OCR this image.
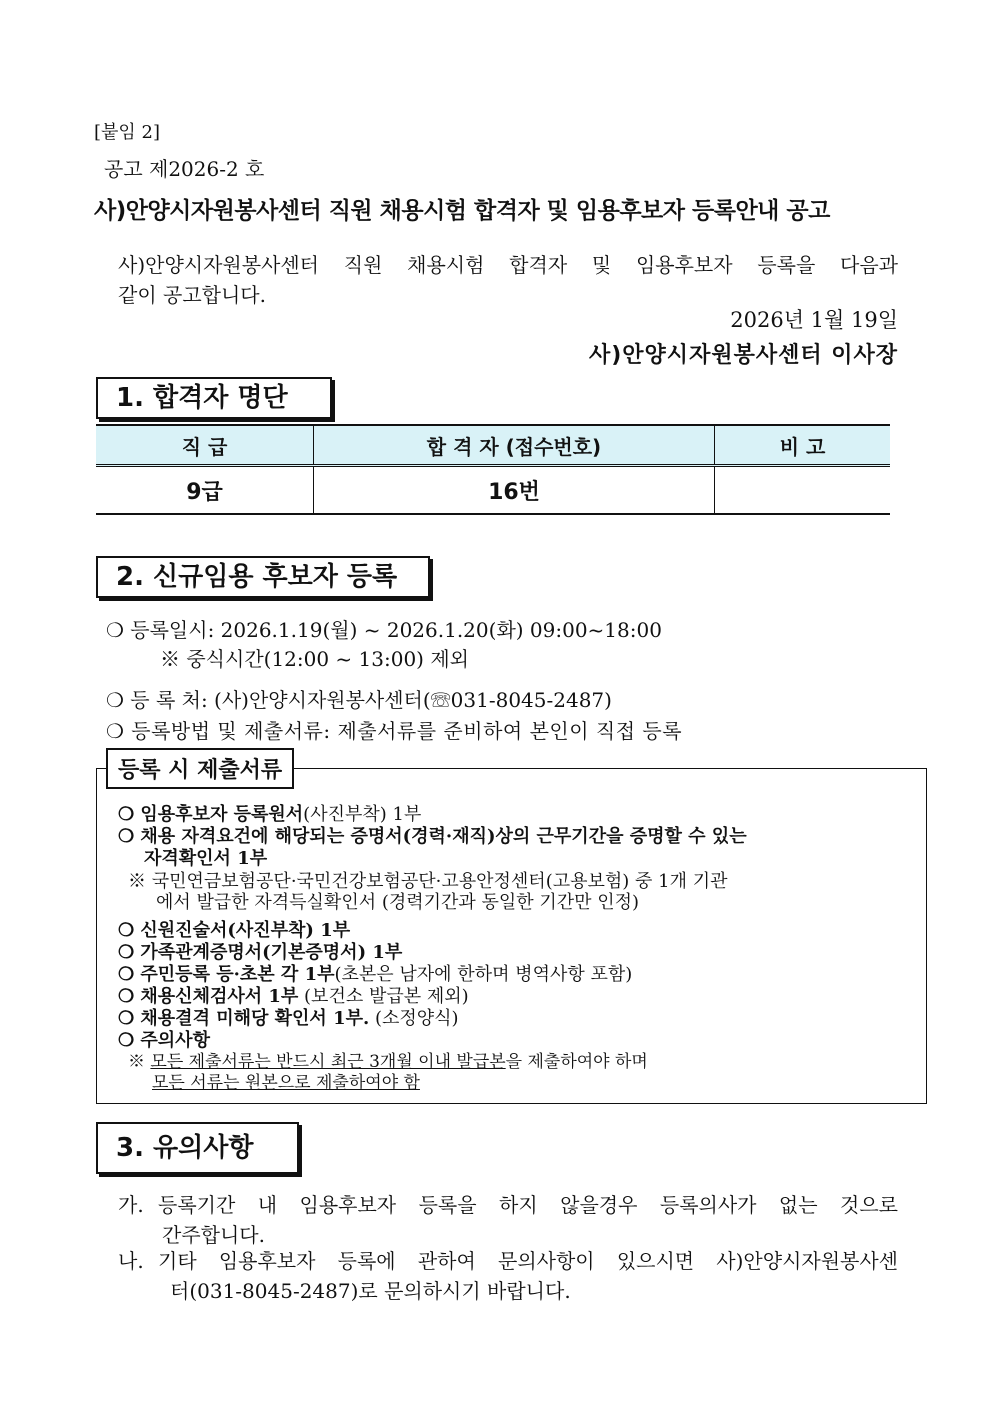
[붙임 2]
공고 제2026-2 호
사)안양시자원봉사센터 직원 채용시험 합격자 및 임용후보자 등록안내 공고
사)안양시자원봉사센터 직원 채용시험 합격자 및 임용후보자 등록을 다음과
같이 공고합니다.
2026년 1월 19일
사)안양시자원봉사센터 이사장
1. 합격자 명단
직 급	합 격 자 (접수번호)	비 고
9급	16번	
2. 신규임용 후보자 등록
❍ 등록일시: 2026.1.19(월) ~ 2026.1.20(화) 09:00~18:00
※ 중식시간(12:00 ~ 13:00) 제외
❍ 등 록 처: (사)안양시자원봉사센터(☏031-8045-2487)
❍ 등록방법 및 제출서류: 제출서류를 준비하여 본인이 직접 등록
등록 시 제출서류
❍ 임용후보자 등록원서(사진부착) 1부
❍ 채용 자격요건에 해당되는 증명서(경력·재직)상의 근무기간을 증명할 수 있는
자격확인서 1부
※ 국민연금보험공단·국민건강보험공단·고용안정센터(고용보험) 중 1개 기관
에서 발급한 자격득실확인서 (경력기간과 동일한 기간만 인정)
❍ 신원진술서(사진부착) 1부
❍ 가족관계증명서(기본증명서) 1부
❍ 주민등록 등·초본 각 1부(초본은 남자에 한하며 병역사항 포함)
❍ 채용신체검사서 1부 (보건소 발급본 제외)
❍ 채용결격 미해당 확인서 1부. (소정양식)
❍ 주의사항
※ 모든 제출서류는 반드시 최근 3개월 이내 발급본을 제출하여야 하며
모든 서류는 원본으로 제출하여야 함
3. 유의사항
가. 등록기간 내 임용후보자 등록을 하지 않을경우 등록의사가 없는 것으로
간주합니다.
나. 기타 임용후보자 등록에 관하여 문의사항이 있으시면 사)안양시자원봉사센
터(031-8045-2487)로 문의하시기 바랍니다.
